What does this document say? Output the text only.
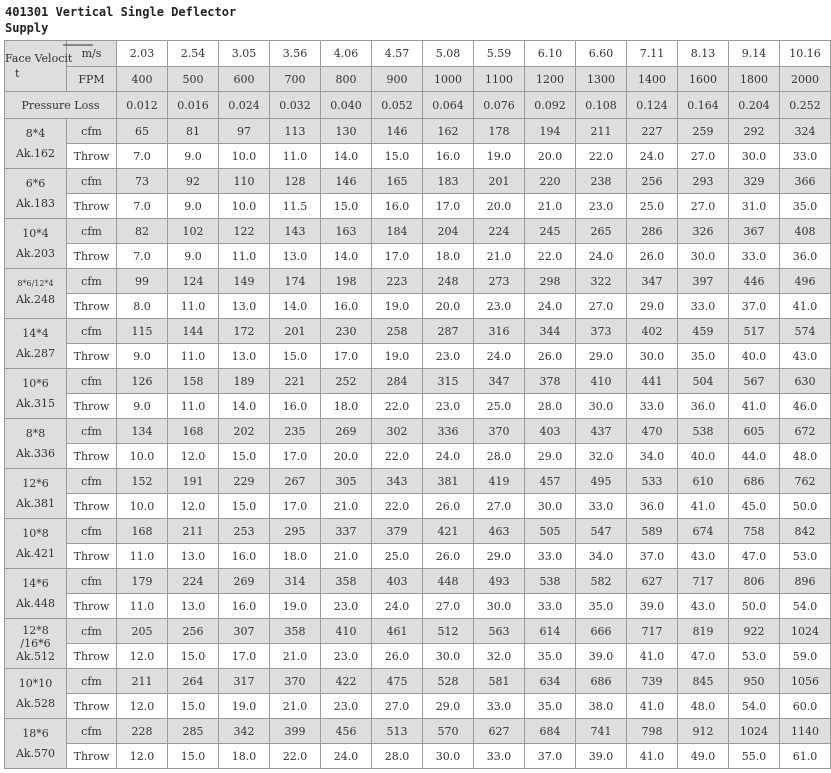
401301 Vertical Single Deflector
Supply
Face Velocit

t	m/s	2.03	2.54	3.05	3.56	4.06	4.57	5.08	5.59	6.10	6.60	7.11	8.13	9.14	10.16
	FPM	400	500	600	700	800	900	1000	1100	1200	1300	1400	1600	1800	2000
Pressure Loss		0.012	0.016	0.024	0.032	0.040	0.052	0.064	0.076	0.092	0.108	0.124	0.164	0.204	0.252
8*4
Ak.162	cfm	65	81	97	113	130	146	162	178	194	211	227	259	292	324
	Throw	7.0	9.0	10.0	11.0	14.0	15.0	16.0	19.0	20.0	22.0	24.0	27.0	30.0	33.0
6*6
Ak.183	cfm	73	92	110	128	146	165	183	201	220	238	256	293	329	366
	Throw	7.0	9.0	10.0	11.5	15.0	16.0	17.0	20.0	21.0	23.0	25.0	27.0	31.0	35.0
10*4
Ak.203	cfm	82	102	122	143	163	184	204	224	245	265	286	326	367	408
	Throw	7.0	9.0	11.0	13.0	14.0	17.0	18.0	21.0	22.0	24.0	26.0	30.0	33.0	36.0

8*6/12*4
Ak.248	cfm	99	124	149	174	198	223	248	273	298	322	347	397	446	496
	Throw	8.0	11.0	13.0	14.0	16.0	19.0	20.0	23.0	24.0	27.0	29.0	33.0	37.0	41.0
14*4
Ak.287	cfm	115	144	172	201	230	258	287	316	344	373	402	459	517	574
	Throw	9.0	11.0	13.0	15.0	17.0	19.0	23.0	24.0	26.0	29.0	30.0	35.0	40.0	43.0
10*6
Ak.315	cfm	126	158	189	221	252	284	315	347	378	410	441	504	567	630
	Throw	9.0	11.0	14.0	16.0	18.0	22.0	23.0	25.0	28.0	30.0	33.0	36.0	41.0	46.0
8*8
Ak.336	cfm	134	168	202	235	269	302	336	370	403	437	470	538	605	672
	Throw	10.0	12.0	15.0	17.0	20.0	22.0	24.0	28.0	29.0	32.0	34.0	40.0	44.0	48.0
12*6
Ak.381	cfm	152	191	229	267	305	343	381	419	457	495	533	610	686	762
	Throw	10.0	12.0	15.0	17.0	21.0	22.0	26.0	27.0	30.0	33.0	36.0	41.0	45.0	50.0
10*8
Ak.421	cfm	168	211	253	295	337	379	421	463	505	547	589	674	758	842
	Throw	11.0	13.0	16.0	18.0	21.0	25.0	26.0	29.0	33.0	34.0	37.0	43.0	47.0	53.0
14*6
Ak.448	cfm	179	224	269	314	358	403	448	493	538	582	627	717	806	896
	Throw	11.0	13.0	16.0	19.0	23.0	24.0	27.0	30.0	33.0	35.0	39.0	43.0	50.0	54.0
12*8
/16*6
Ak.512	cfm	205	256	307	358	410	461	512	563	614	666	717	819	922	1024
	Throw	12.0	15.0	17.0	21.0	23.0	26.0	30.0	32.0	35.0	39.0	41.0	47.0	53.0	59.0
10*10
Ak.528	cfm	211	264	317	370	422	475	528	581	634	686	739	845	950	1056
	Throw	12.0	15.0	19.0	21.0	23.0	27.0	29.0	33.0	35.0	38.0	41.0	48.0	54.0	60.0
18*6
Ak.570	cfm	228	285	342	399	456	513	570	627	684	741	798	912	1024	1140
	Throw	12.0	15.0	18.0	22.0	24.0	28.0	30.0	33.0	37.0	39.0	41.0	49.0	55.0	61.0
